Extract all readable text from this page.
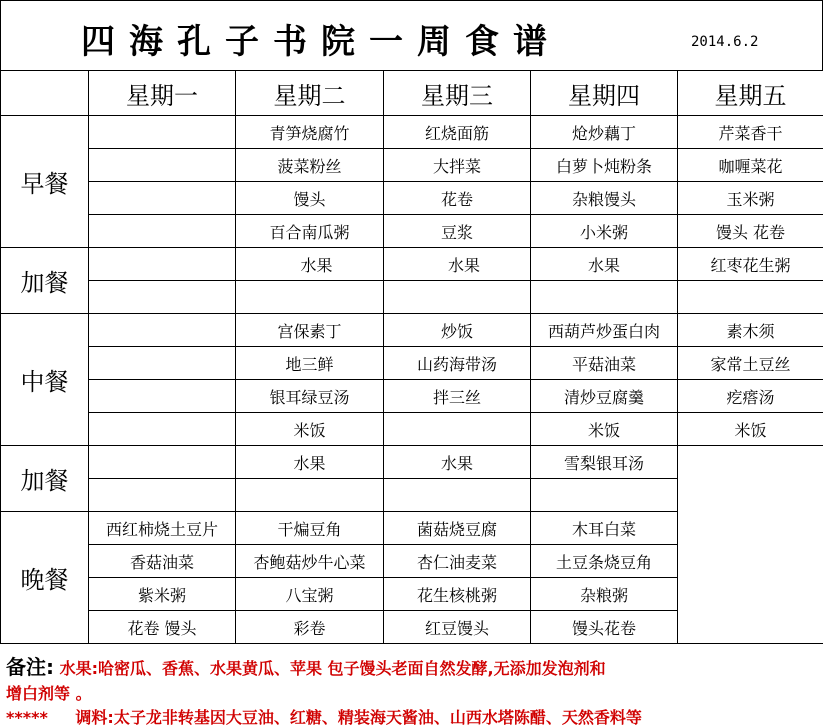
四海孔子书院一周食谱	2014.6.2
	星期一	星期二	星期三	星期四	星期五
早餐		青笋烧腐竹	红烧面筋	炝炒藕丁	芹菜香干
		菠菜粉丝	大拌菜	白萝卜炖粉条	咖喱菜花
		馒头	花卷	杂粮馒头	玉米粥
		百合南瓜粥	豆浆	小米粥	馒头 花卷
加餐		水果	水果	水果	红枣花生粥

中餐		宫保素丁	炒饭	西葫芦炒蛋白肉	素木须
		地三鲜	山药海带汤	平菇油菜	家常土豆丝
		银耳绿豆汤	拌三丝	清炒豆腐羹	疙瘩汤
		米饭		米饭	米饭
加餐		水果	水果	雪梨银耳汤	

晚餐	西红柿烧土豆片	干煸豆角	菌菇烧豆腐	木耳白菜	
	香菇油菜	杏鲍菇炒牛心菜	杏仁油麦菜	土豆条烧豆角	
	紫米粥	八宝粥	花生核桃粥	杂粮粥	
	花卷 馒头	彩卷	红豆馒头	馒头花卷	
备注: 水果:哈密瓜、香蕉、水果黄瓜、苹果 包子馒头老面自然发酵,无添加发泡剂和
增白剂等 。
***** 调料:太子龙非转基因大豆油、红糖、精装海天酱油、山西水塔陈醋、天然香料等
